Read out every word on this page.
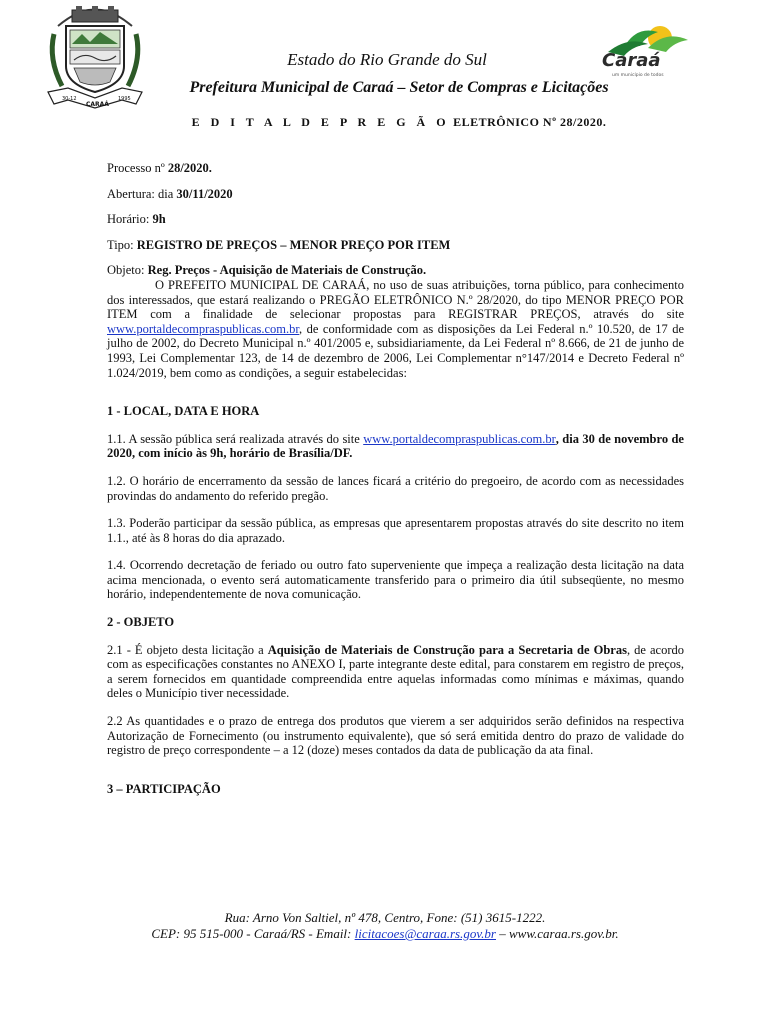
30-12	1995
CARAÁ
Caraá
um município de todos
Estado do Rio Grande do Sul
Prefeitura Municipal de Caraá – Setor de Compras e Licitações
E D I T A L D E P R E G Ã O ELETRÔNICO Nº 28/2020.

Processo nº 28/2020.

Abertura: dia 30/11/2020

Horário: 9h

Tipo: REGISTRO DE PREÇOS – MENOR PREÇO POR ITEM

Objeto: Reg. Preços - Aquisição de Materiais de Construção.

O PREFEITO MUNICIPAL DE CARAÁ, no uso de suas atribuições, torna público, para conhecimento dos interessados, que estará realizando o PREGÃO ELETRÔNICO N.º 28/2020, do tipo MENOR PREÇO POR ITEM com a finalidade de selecionar propostas para REGISTRAR PREÇOS, através do site www.portaldecompraspublicas.com.br, de conformidade com as disposições da Lei Federal n.º 10.520, de 17 de julho de 2002, do Decreto Municipal n.º 401/2005 e, subsidiariamente, da Lei Federal nº 8.666, de 21 de junho de 1993, Lei Complementar 123, de 14 de dezembro de 2006, Lei Complementar n°147/2014 e Decreto Federal nº 1.024/2019, bem como as condições, a seguir estabelecidas:

1 - LOCAL, DATA E HORA

1.1. A sessão pública será realizada através do site www.portaldecompraspublicas.com.br, dia 30 de novembro de 2020, com início às 9h, horário de Brasília/DF.

1.2. O horário de encerramento da sessão de lances ficará a critério do pregoeiro, de acordo com as necessidades provindas do andamento do referido pregão.

1.3. Poderão participar da sessão pública, as empresas que apresentarem propostas através do site descrito no item 1.1., até às 8 horas do dia aprazado.

1.4. Ocorrendo decretação de feriado ou outro fato superveniente que impeça a realização desta licitação na data acima mencionada, o evento será automaticamente transferido para o primeiro dia útil subseqüente, no mesmo horário, independentemente de nova comunicação.

2 - OBJETO

2.1 - É objeto desta licitação a Aquisição de Materiais de Construção para a Secretaria de Obras, de acordo com as especificações constantes no ANEXO I, parte integrante deste edital, para constarem em registro de preços, a serem fornecidos em quantidade compreendida entre aquelas informadas como mínimas e máximas, quando deles o Município tiver necessidade.

2.2 As quantidades e o prazo de entrega dos produtos que vierem a ser adquiridos serão definidos na respectiva Autorização de Fornecimento (ou instrumento equivalente), que só será emitida dentro do prazo de validade do registro de preço correspondente – a 12 (doze) meses contados da data de publicação da ata final.

3 – PARTICIPAÇÃO

Rua: Arno Von Saltiel, nº 478, Centro, Fone: (51) 3615-1222.
CEP: 95 515-000 - Caraá/RS - Email: licitacoes@caraa.rs.gov.br – www.caraa.rs.gov.br.
